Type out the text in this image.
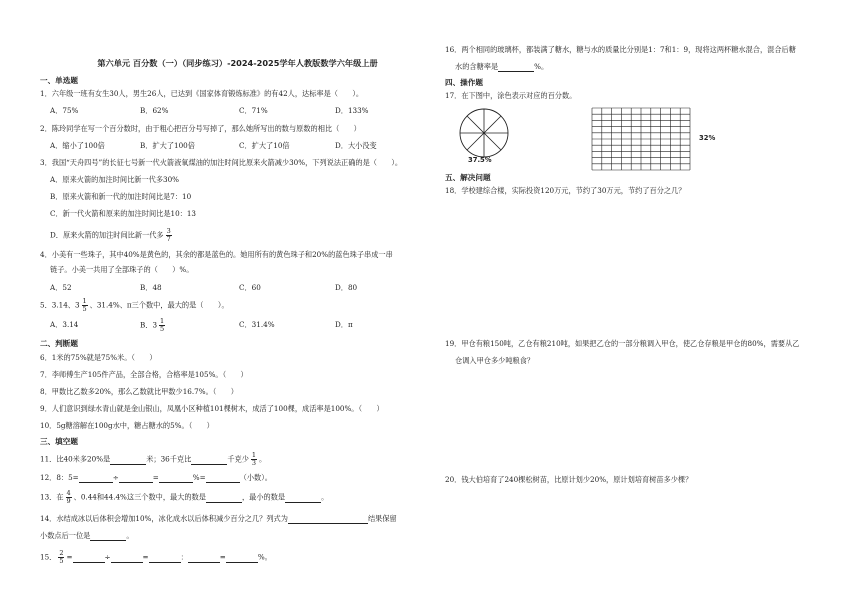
第六单元 百分数（一）（同步练习）-2024-2025学年人教版数学六年级上册
一、单选题
1．六年级一班有女生30人，男生26人，已达到《国家体育锻炼标准》的有42人，达标率是（　　）。
A．75%	B．62%	C．71%	D．133%
2．陈玲同学在写一个百分数时，由于粗心把百分号写掉了，那么她所写出的数与原数的相比（　　）
A．缩小了100倍	B．扩大了100倍	C．扩大了10倍	D．大小没变
3．我国“天舟四号”的长征七号新一代火箭液氧煤油的加注时间比原来火箭减少30%，下列说法正确的是（　　）。
A．原来火箭的加注时间比新一代多30%
B．原来火箭和新一代的加注时间比是7：10
C．新一代火箭和原来的加注时间比是10：13
D．原来火箭的加注时间比新一代多 $\frac{3}{7}$
4．小美有一些珠子，其中40%是黄色的，其余的都是蓝色的。她用所有的黄色珠子和20%的蓝色珠子串成一串
链子。小美一共用了全部珠子的（　　）%。
A．52	B．48	C．60	D．80
5．3.14、$3 \frac{1}{5}$ 、31.4%、π三个数中，最大的是（　　）。
A．3.14	B．$3 \frac{1}{5}$	C．31.4%	D．π
二、判断题
6．1米的75%就是75%米。（　　）
7．李师傅生产105件产品，全部合格，合格率是105%。（　　）
8．甲数比乙数多20%，那么乙数就比甲数少16.7%。（　　）
9．人们意识到绿水青山就是金山银山，凤凰小区种植101棵树木，成活了100棵，成活率是100%。（　　）
10．5g糖溶解在100g水中，糖占糖水的5%。（　　）
三、填空题
11．比40米多20%是	米；36千克比	千克少 $\frac{1}{3}$ 。
12．8：5=	÷	=	%=	（小数）。
13．在 $\frac{4}{9}$ 、0.44和44.4%这三个数中，最大的数是	，最小的数是	。
14．水结成冰以后体积会增加10%，冰化成水以后体积减少百分之几？列式为	结果保留
小数点后一位是	。
15． $\frac{2}{5}$ =	÷	=	：	=	%。
16．两个相同的玻璃杯，都装满了糖水，糖与水的质量比分别是1：7和1：9，现将这两杯糖水混合，混合后糖
水的含糖率是	%。
四、操作题
17．在下图中，涂色表示对应的百分数。
37.5%
32%
五、解决问题
18．学校建综合楼，实际投资120万元，节约了30万元，节约了百分之几？
19．甲仓有粮150吨，乙仓有粮210吨，如果把乙仓的一部分粮调入甲仓，使乙仓存粮是甲仓的80%，需要从乙
仓调入甲仓多少吨粮食？
20．钱大伯培育了240棵松树苗，比原计划少20%，原计划培育树苗多少棵？
